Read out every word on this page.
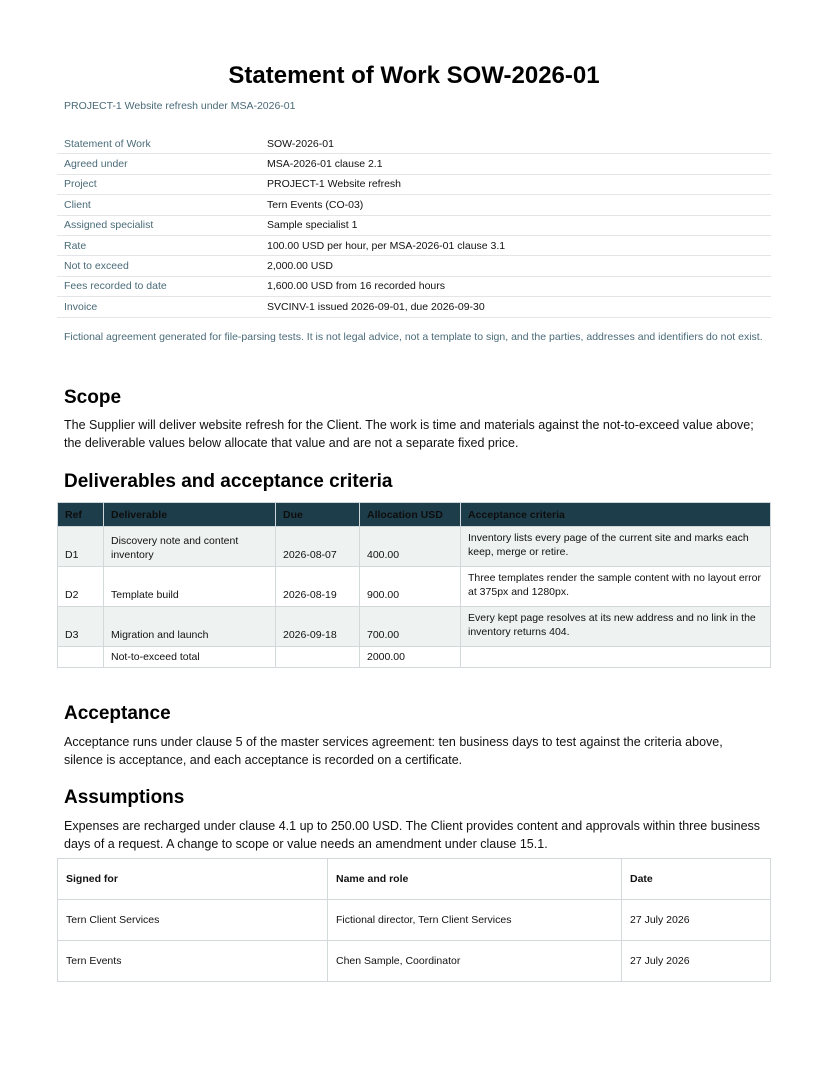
Statement of Work SOW-2026-01
PROJECT-1 Website refresh under MSA-2026-01
Statement of Work	SOW-2026-01
Agreed under	MSA-2026-01 clause 2.1
Project	PROJECT-1 Website refresh
Client	Tern Events (CO-03)
Assigned specialist	Sample specialist 1
Rate	100.00 USD per hour, per MSA-2026-01 clause 3.1
Not to exceed	2,000.00 USD
Fees recorded to date	1,600.00 USD from 16 recorded hours
Invoice	SVCINV-1 issued 2026-09-01, due 2026-09-30
Fictional agreement generated for file-parsing tests. It is not legal advice, not a template to sign, and the parties, addresses and identifiers do not exist.
Scope

The Supplier will deliver website refresh for the Client. The work is time and materials against the not-to-exceed value above; the deliverable values below allocate that value and are not a separate fixed price.

Deliverables and acceptance criteria
Ref	Deliverable	Due	Allocation USD	Acceptance criteria
D1	Discovery note and content inventory	2026-08-07	400.00	Inventory lists every page of the current site and marks each keep, merge or retire.
D2	Template build	2026-08-19	900.00	Three templates render the sample content with no layout error at 375px and 1280px.
D3	Migration and launch	2026-09-18	700.00	Every kept page resolves at its new address and no link in the inventory returns 404.
	Not-to-exceed total		2000.00	
Acceptance

Acceptance runs under clause 5 of the master services agreement: ten business days to test against the criteria above, silence is acceptance, and each acceptance is recorded on a certificate.

Assumptions

Expenses are recharged under clause 4.1 up to 250.00 USD. The Client provides content and approvals within three business days of a request. A change to scope or value needs an amendment under clause 15.1.

Signed for	Name and role	Date
Tern Client Services	Fictional director, Tern Client Services	27 July 2026
Tern Events	Chen Sample, Coordinator	27 July 2026
